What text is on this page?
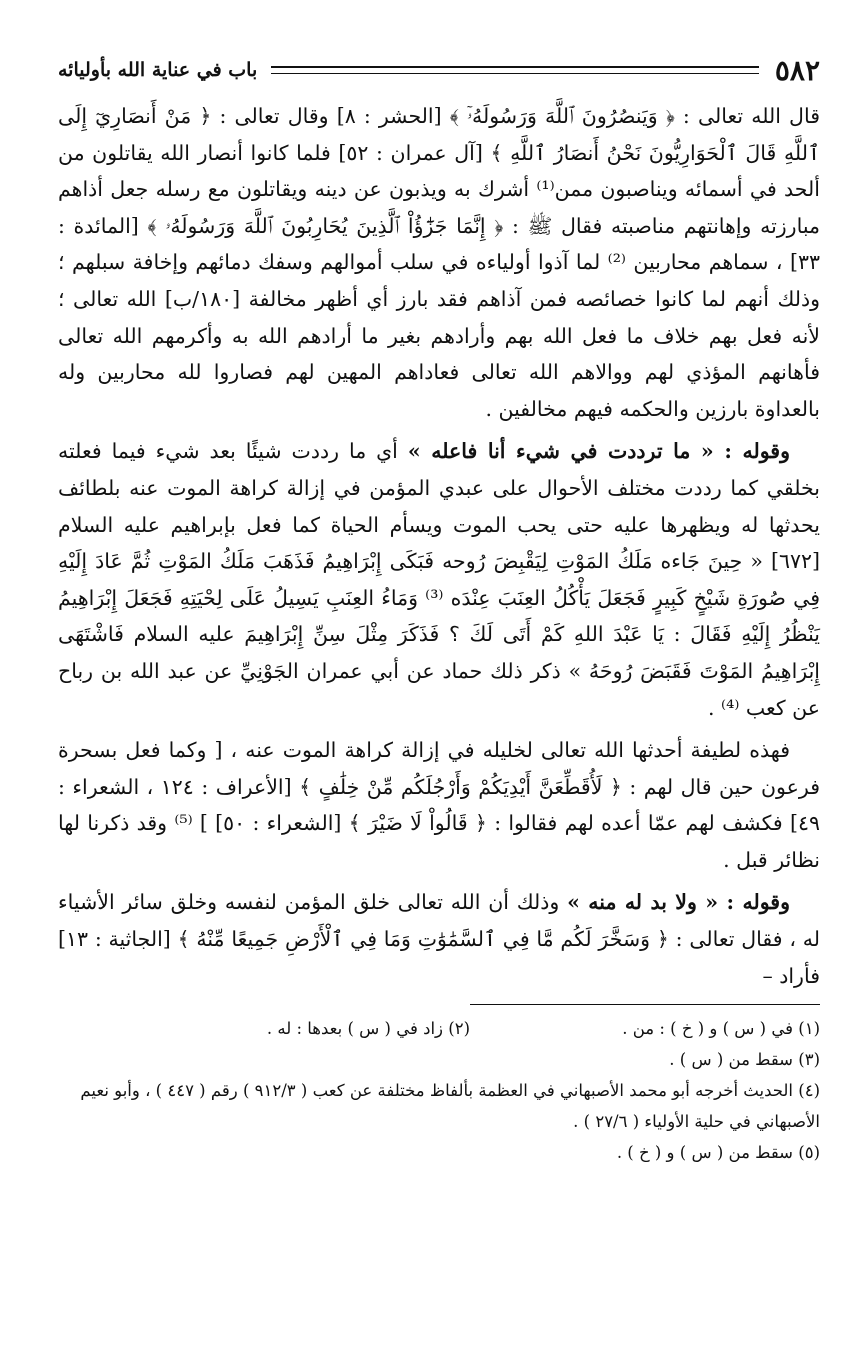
٥٨٢
باب في عناية الله بأوليائه

قال الله تعالى : ﴿ وَيَنصُرُونَ ٱللَّهَ وَرَسُولَهُۥٓ ﴾ [الحشر : ٨] وقال تعالى : ﴿ مَنْ أَنصَارِيٓ إِلَى ٱللَّهِ قَالَ ٱلْحَوَارِيُّونَ نَحْنُ أَنصَارُ ٱللَّهِ ﴾ [آل عمران : ٥٢] فلما كانوا أنصار الله يقاتلون من ألحد في أسمائه ويناصبون ممن⁽¹⁾ أشرك به ويذبون عن دينه ويقاتلون مع رسله جعل أذاهم مبارزته وإهانتهم مناصبته فقال ﷺ : ﴿ إِنَّمَا جَزَٰٓؤُاْ ٱلَّذِينَ يُحَارِبُونَ ٱللَّهَ وَرَسُولَهُۥ ﴾ [المائدة : ٣٣] ، سماهم محاربين ⁽²⁾ لما آذوا أولياءه في سلب أموالهم وسفك دمائهم وإخافة سبلهم ؛ وذلك أنهم لما كانوا خصائصه فمن آذاهم فقد بارز أي أظهر مخالفة [١٨٠/ب] الله تعالى ؛ لأنه فعل بهم خلاف ما فعل الله بهم وأرادهم بغير ما أرادهم الله به وأكرمهم الله تعالى فأهانهم المؤذي لهم ووالاهم الله تعالى فعاداهم المهين لهم فصاروا لله محاربين وله بالعداوة بارزين والحكمه فيهم مخالفين .

وقوله : « ما ترددت في شيء أنا فاعله » أي ما رددت شيئًا بعد شيء فيما فعلته بخلقي كما رددت مختلف الأحوال على عبدي المؤمن في إزالة كراهة الموت عنه بلطائف يحدثها له ويظهرها عليه حتى يحب الموت ويسأم الحياة كما فعل بإبراهيم عليه السلام [٦٧٢] « حِينَ جَاءه مَلَكُ المَوْتِ لِيَقْبِضَ رُوحه فَبَكَى إِبْرَاهِيمُ فَذَهَبَ مَلَكُ المَوْتِ ثُمَّ عَادَ إِلَيْهِ فِي صُورَةِ شَيْخٍ كَبِيرٍ فَجَعَلَ يَأْكُلُ العِنَبَ عِنْدَه ⁽³⁾ وَمَاءُ العِنَبِ يَسِيلُ عَلَى لِحْيَتِهِ فَجَعَلَ إِبْرَاهِيمُ يَنْظُرُ إِلَيْهِ فَقَالَ : يَا عَبْدَ اللهِ كَمْ أَتَى لَكَ ؟ فَذَكَرَ مِثْلَ سِنِّ إِبْرَاهِيمَ عليه السلام فَاشْتَهَى إِبْرَاهِيمُ المَوْتَ فَقَبَضَ رُوحَهُ » ذكر ذلك حماد عن أبي عمران الجَوْنِيِّ عن عبد الله بن رباح عن كعب ⁽⁴⁾ .

فهذه لطيفة أحدثها الله تعالى لخليله في إزالة كراهة الموت عنه ، [ وكما فعل بسحرة فرعون حين قال لهم : ﴿ لَأُقَطِّعَنَّ أَيْدِيَكُمْ وَأَرْجُلَكُم مِّنْ خِلَٰفٍ ﴾ [الأعراف : ١٢٤ ، الشعراء : ٤٩] فكشف لهم عمّا أعده لهم فقالوا : ﴿ قَالُواْ لَا ضَيْرَ ﴾ [الشعراء : ٥٠] ] ⁽⁵⁾ وقد ذكرنا لها نظائر قبل .

وقوله : « ولا بد له منه » وذلك أن الله تعالى خلق المؤمن لنفسه وخلق سائر الأشياء له ، فقال تعالى : ﴿ وَسَخَّرَ لَكُم مَّا فِي ٱلسَّمَٰوَٰتِ وَمَا فِي ٱلْأَرْضِ جَمِيعًا مِّنْهُ ﴾ [الجاثية : ١٣] فأراد –

(١) في ( س ) و ( خ ) : من .

(٢) زاد في ( س ) بعدها : له .

(٣) سقط من ( س ) .

(٤) الحديث أخرجه أبو محمد الأصبهاني في العظمة بألفاظ مختلفة عن كعب ( ٩١٢/٣ ) رقم ( ٤٤٧ ) ، وأبو نعيم الأصبهاني في حلية الأولياء ( ٢٧/٦ ) .

(٥) سقط من ( س ) و ( خ ) .
